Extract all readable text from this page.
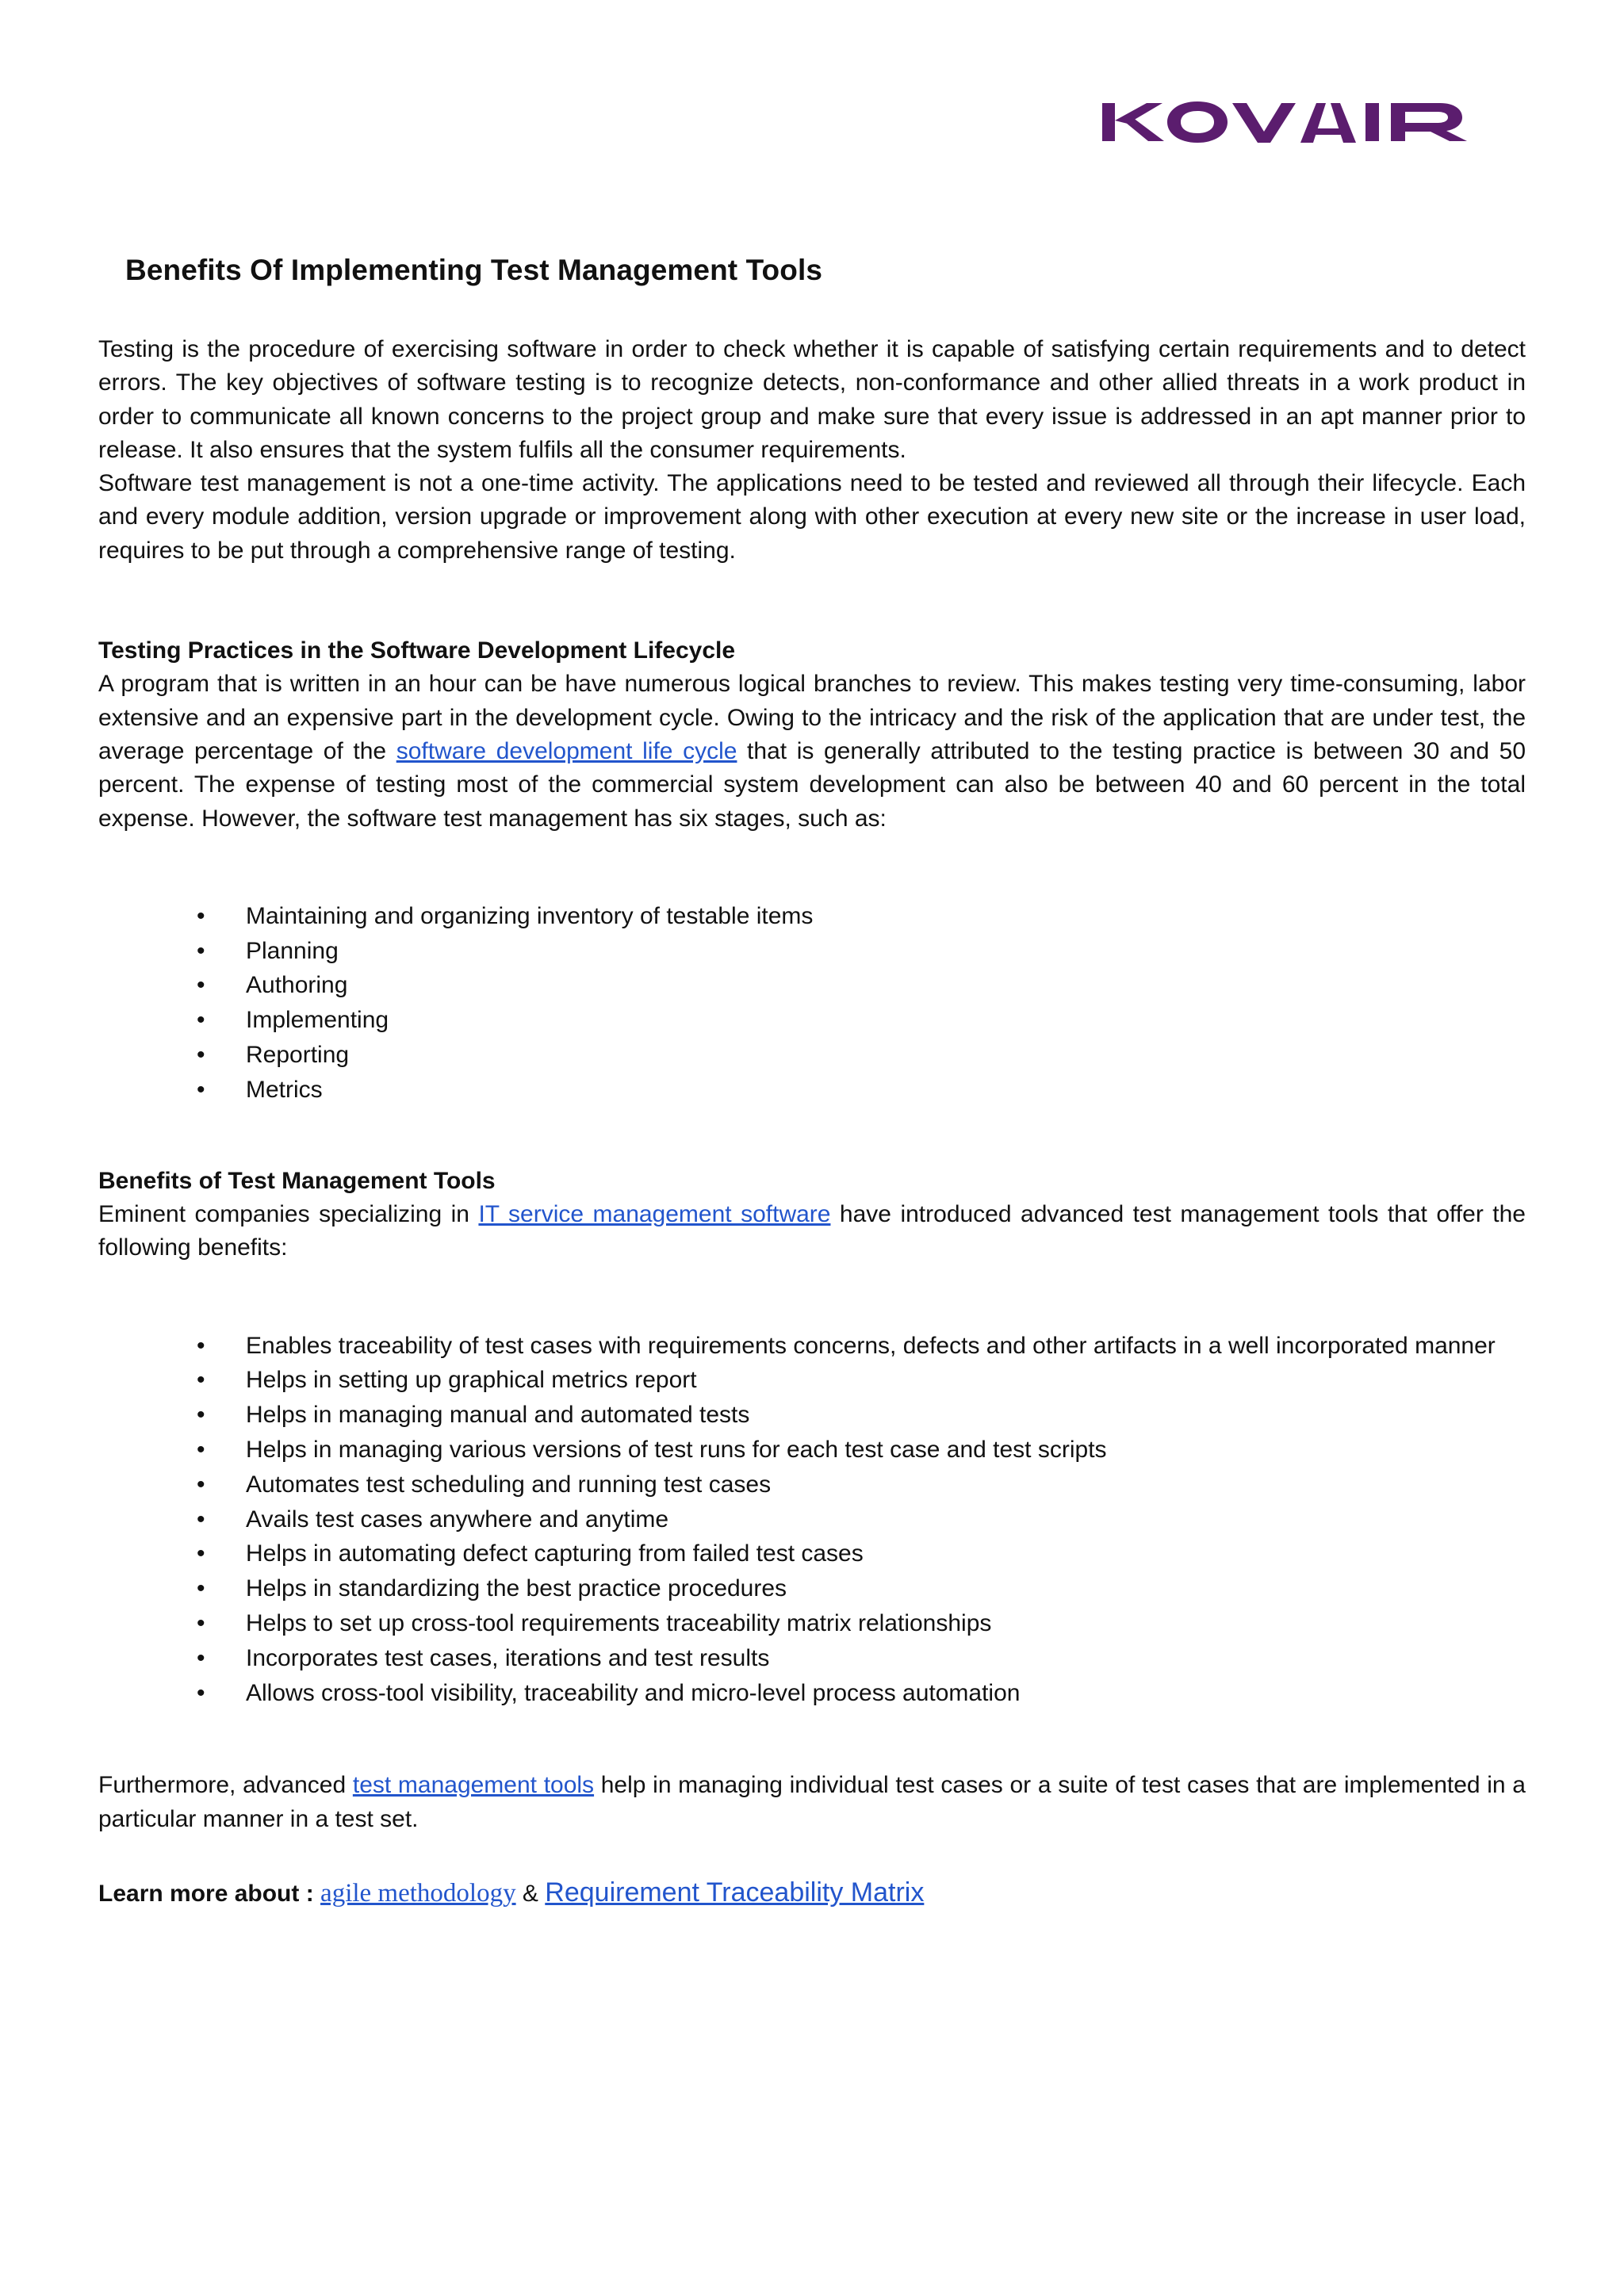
Benefits Of Implementing Test Management Tools

Testing is the procedure of exercising software in order to check whether it is capable of satisfying certain requirements and to detect errors. The key objectives of software testing is to recognize detects, non-conformance and other allied threats in a work product in order to communicate all known concerns to the project group and make sure that every issue is addressed in an apt manner prior to release. It also ensures that the system fulfils all the consumer requirements.

Software test management is not a one-time activity. The applications need to be tested and reviewed all through their lifecycle. Each and every module addition, version upgrade or improvement along with other execution at every new site or the increase in user load, requires to be put through a comprehensive range of testing.

Testing Practices in the Software Development Lifecycle

A program that is written in an hour can be have numerous logical branches to review. This makes testing very time-consuming, labor extensive and an expensive part in the development cycle. Owing to the intricacy and the risk of the application that are under test, the average percentage of the software development life cycle that is generally attributed to the testing practice is between 30 and 50 percent. The expense of testing most of the commercial system development can also be between 40 and 60 percent in the total expense. However, the software test management has six stages, such as:

• Maintaining and organizing inventory of testable items
• Planning
• Authoring
• Implementing
• Reporting
• Metrics

Benefits of Test Management Tools

Eminent companies specializing in IT service management software have introduced advanced test management tools that offer the following benefits:

• Enables traceability of test cases with requirements concerns, defects and other artifacts in a well incorporated manner
• Helps in setting up graphical metrics report
• Helps in managing manual and automated tests
• Helps in managing various versions of test runs for each test case and test scripts
• Automates test scheduling and running test cases
• Avails test cases anywhere and anytime
• Helps in automating defect capturing from failed test cases
• Helps in standardizing the best practice procedures
• Helps to set up cross-tool requirements traceability matrix relationships
• Incorporates test cases, iterations and test results
• Allows cross-tool visibility, traceability and micro-level process automation

Furthermore, advanced test management tools help in managing individual test cases or a suite of test cases that are implemented in a particular manner in a test set.

Learn more about : agile methodology & Requirement Traceability Matrix
